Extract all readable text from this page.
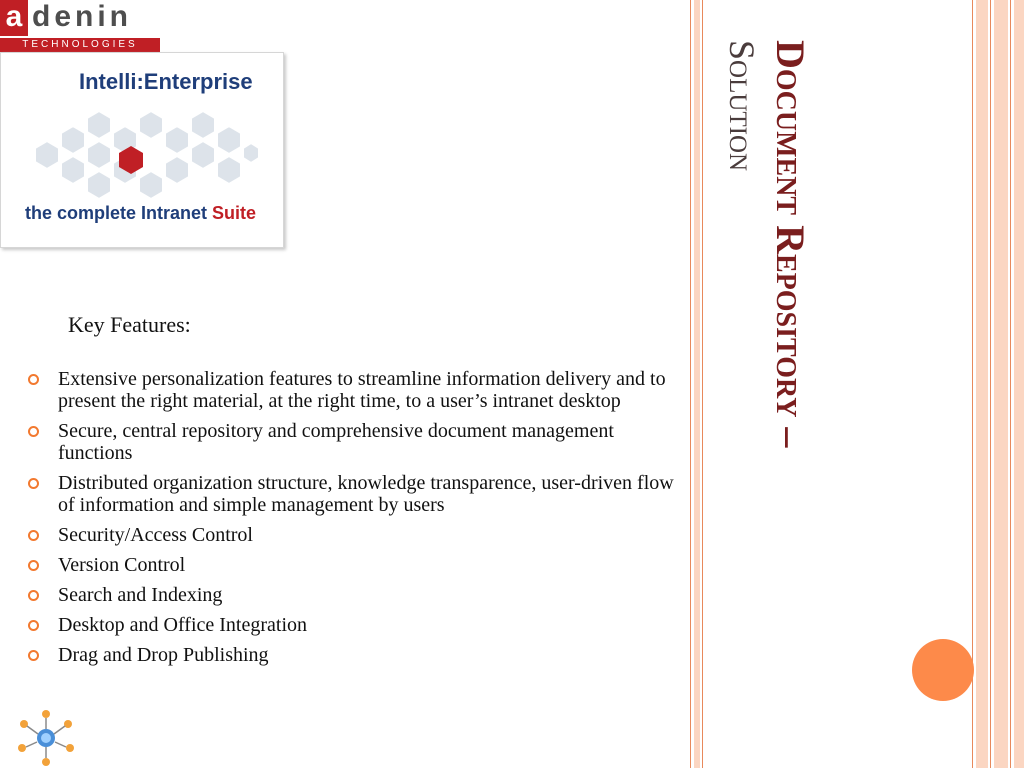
a denin
TECHNOLOGIES
Intelli:Enterprise
the complete Intranet Suite	Document Repository –
Solution
Key Features:
Extensive personalization features to streamline information delivery and to present the right material, at the right time, to a user’s intranet desktop
Secure, central repository and comprehensive document management functions
Distributed organization structure, knowledge transparence, user-driven flow of information and simple management by users
Security/Access Control
Version Control
Search and Indexing
Desktop and Office Integration
Drag and Drop Publishing
